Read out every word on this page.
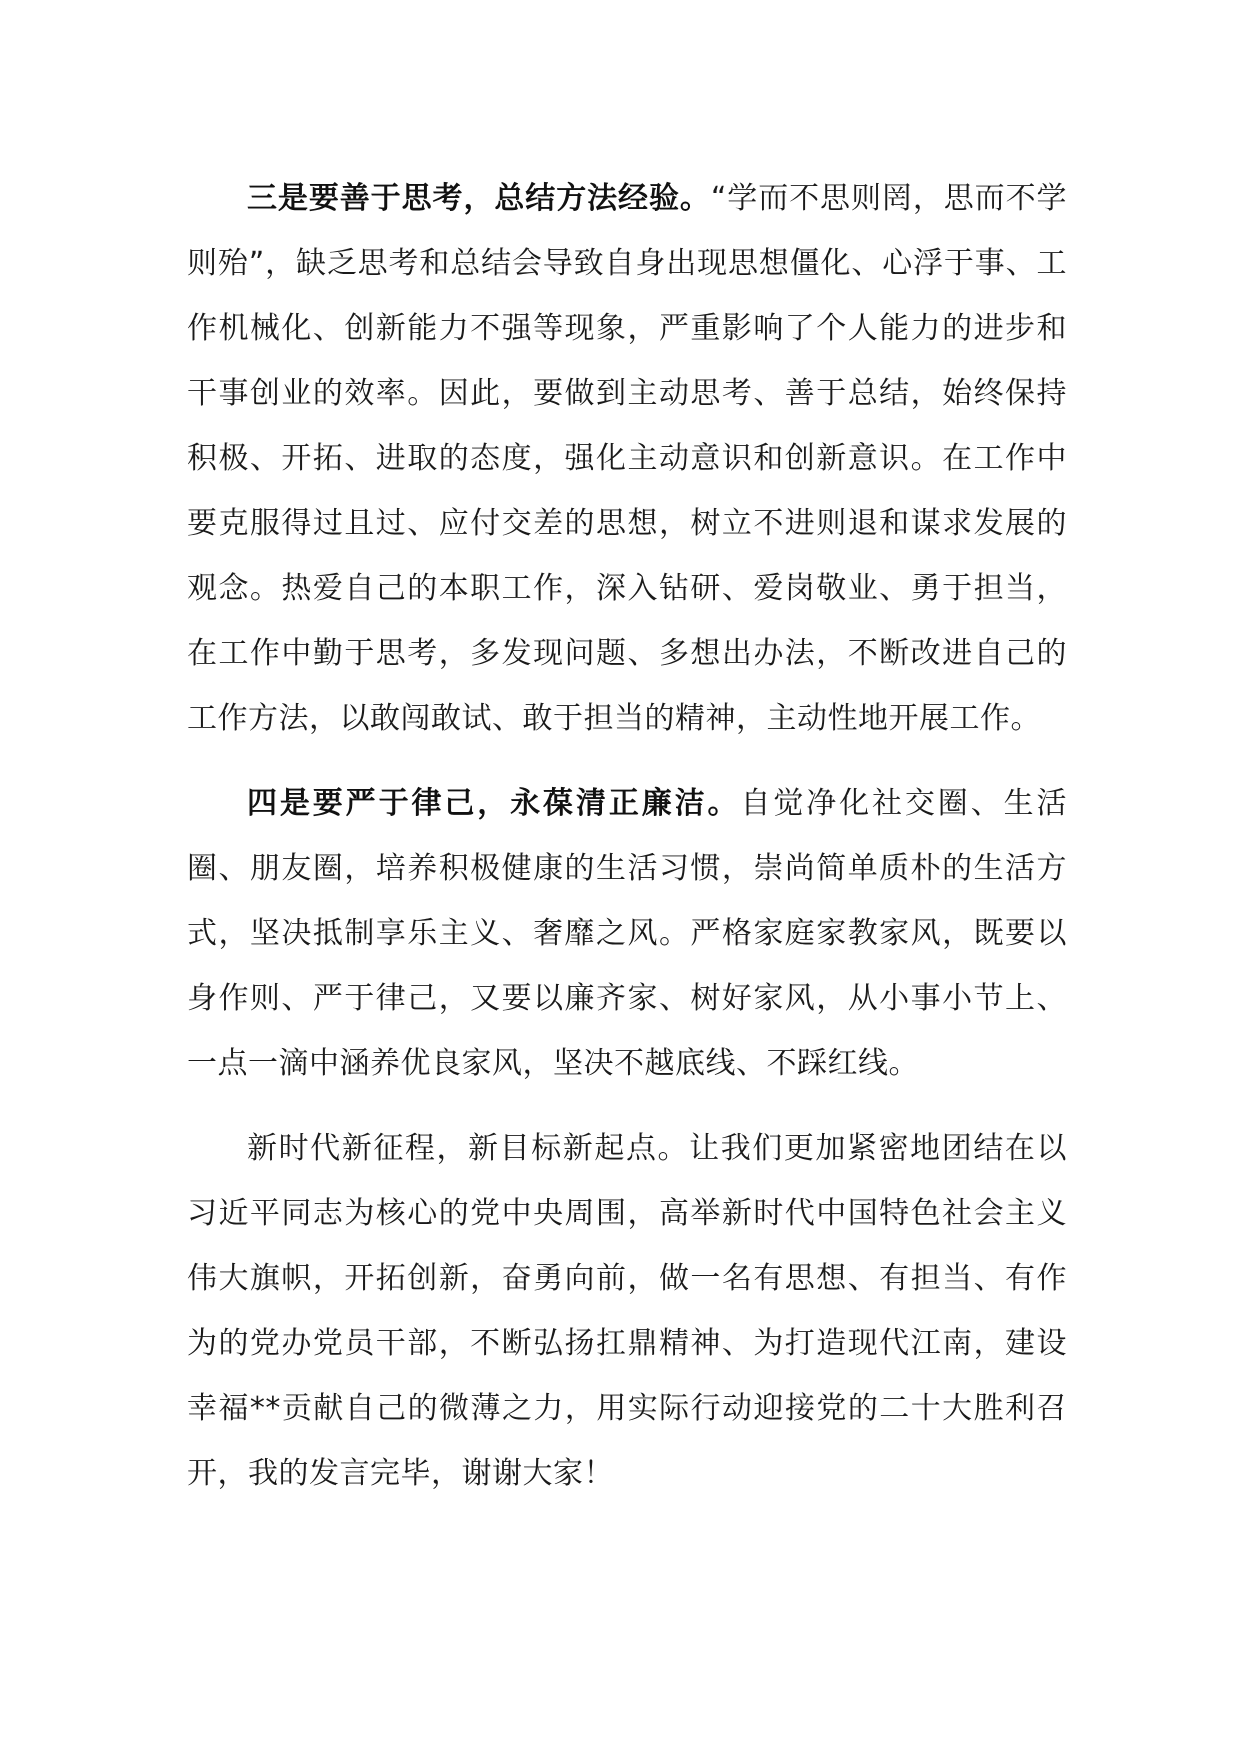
三是要善于思考，总结方法经验。“学而不思则罔，思而不学则殆”，缺乏思考和总结会导致自身出现思想僵化、心浮于事、工作机械化、创新能力不强等现象，严重影响了个人能力的进步和干事创业的效率。因此，要做到主动思考、善于总结，始终保持积极、开拓、进取的态度，强化主动意识和创新意识。在工作中要克服得过且过、应付交差的思想，树立不进则退和谋求发展的观念。热爱自己的本职工作，深入钻研、爱岗敬业、勇于担当，在工作中勤于思考，多发现问题、多想出办法，不断改进自己的工作方法，以敢闯敢试、敢于担当的精神，主动性地开展工作。

四是要严于律己，永葆清正廉洁。自觉净化社交圈、生活圈、朋友圈，培养积极健康的生活习惯，崇尚简单质朴的生活方式，坚决抵制享乐主义、奢靡之风。严格家庭家教家风，既要以身作则、严于律己，又要以廉齐家、树好家风，从小事小节上、一点一滴中涵养优良家风，坚决不越底线、不踩红线。

新时代新征程，新目标新起点。让我们更加紧密地团结在以习近平同志为核心的党中央周围，高举新时代中国特色社会主义伟大旗帜，开拓创新，奋勇向前，做一名有思想、有担当、有作为的党办党员干部，不断弘扬扛鼎精神、为打造现代江南，建设幸福**贡献自己的微薄之力，用实际行动迎接党的二十大胜利召开，我的发言完毕，谢谢大家！
